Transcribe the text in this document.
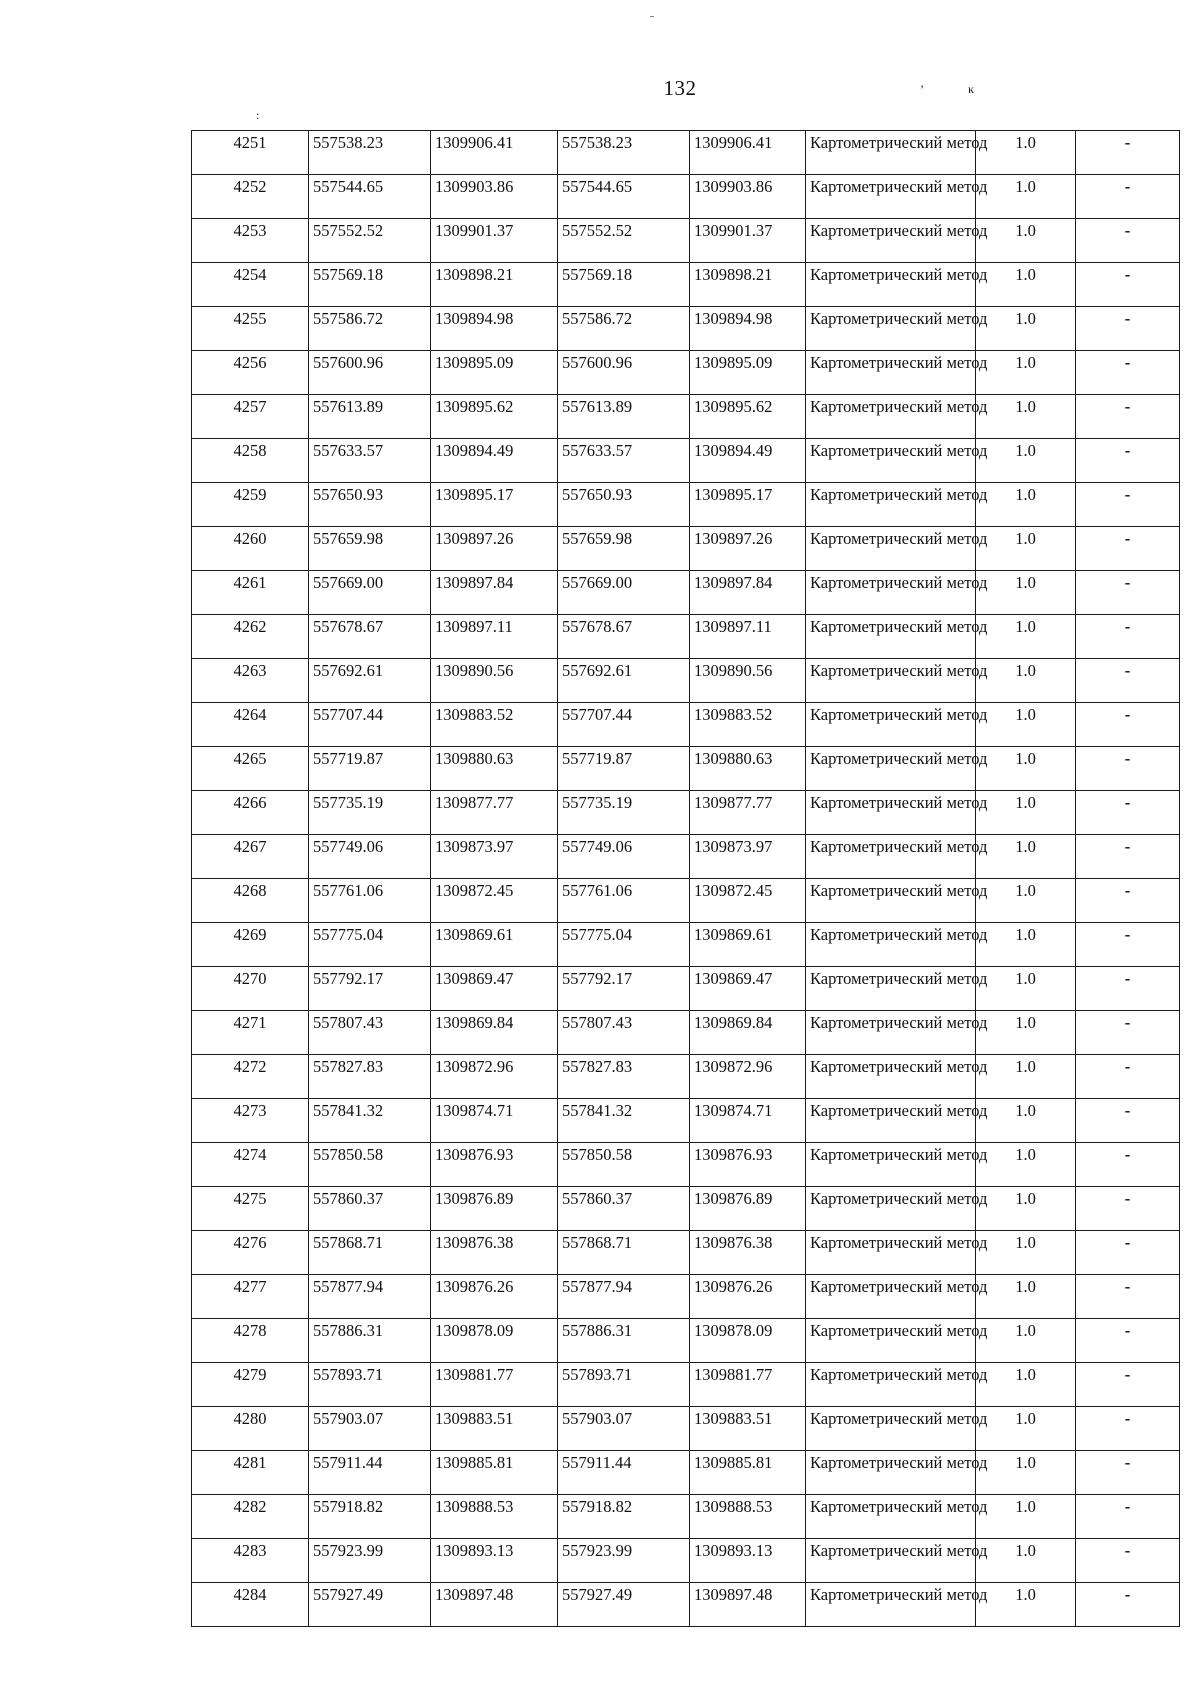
132
ˉ
’	ĸ
:
4251	557538.23	1309906.41	557538.23	1309906.41	Картометрический метод	1.0	-
4252	557544.65	1309903.86	557544.65	1309903.86	Картометрический метод	1.0	-
4253	557552.52	1309901.37	557552.52	1309901.37	Картометрический метод	1.0	-
4254	557569.18	1309898.21	557569.18	1309898.21	Картометрический метод	1.0	-
4255	557586.72	1309894.98	557586.72	1309894.98	Картометрический метод	1.0	-
4256	557600.96	1309895.09	557600.96	1309895.09	Картометрический метод	1.0	-
4257	557613.89	1309895.62	557613.89	1309895.62	Картометрический метод	1.0	-
4258	557633.57	1309894.49	557633.57	1309894.49	Картометрический метод	1.0	-
4259	557650.93	1309895.17	557650.93	1309895.17	Картометрический метод	1.0	-
4260	557659.98	1309897.26	557659.98	1309897.26	Картометрический метод	1.0	-
4261	557669.00	1309897.84	557669.00	1309897.84	Картометрический метод	1.0	-
4262	557678.67	1309897.11	557678.67	1309897.11	Картометрический метод	1.0	-
4263	557692.61	1309890.56	557692.61	1309890.56	Картометрический метод	1.0	-
4264	557707.44	1309883.52	557707.44	1309883.52	Картометрический метод	1.0	-
4265	557719.87	1309880.63	557719.87	1309880.63	Картометрический метод	1.0	-
4266	557735.19	1309877.77	557735.19	1309877.77	Картометрический метод	1.0	-
4267	557749.06	1309873.97	557749.06	1309873.97	Картометрический метод	1.0	-
4268	557761.06	1309872.45	557761.06	1309872.45	Картометрический метод	1.0	-
4269	557775.04	1309869.61	557775.04	1309869.61	Картометрический метод	1.0	-
4270	557792.17	1309869.47	557792.17	1309869.47	Картометрический метод	1.0	-
4271	557807.43	1309869.84	557807.43	1309869.84	Картометрический метод	1.0	-
4272	557827.83	1309872.96	557827.83	1309872.96	Картометрический метод	1.0	-
4273	557841.32	1309874.71	557841.32	1309874.71	Картометрический метод	1.0	-
4274	557850.58	1309876.93	557850.58	1309876.93	Картометрический метод	1.0	-
4275	557860.37	1309876.89	557860.37	1309876.89	Картометрический метод	1.0	-
4276	557868.71	1309876.38	557868.71	1309876.38	Картометрический метод	1.0	-
4277	557877.94	1309876.26	557877.94	1309876.26	Картометрический метод	1.0	-
4278	557886.31	1309878.09	557886.31	1309878.09	Картометрический метод	1.0	-
4279	557893.71	1309881.77	557893.71	1309881.77	Картометрический метод	1.0	-
4280	557903.07	1309883.51	557903.07	1309883.51	Картометрический метод	1.0	-
4281	557911.44	1309885.81	557911.44	1309885.81	Картометрический метод	1.0	-
4282	557918.82	1309888.53	557918.82	1309888.53	Картометрический метод	1.0	-
4283	557923.99	1309893.13	557923.99	1309893.13	Картометрический метод	1.0	-
4284	557927.49	1309897.48	557927.49	1309897.48	Картометрический метод	1.0	-
